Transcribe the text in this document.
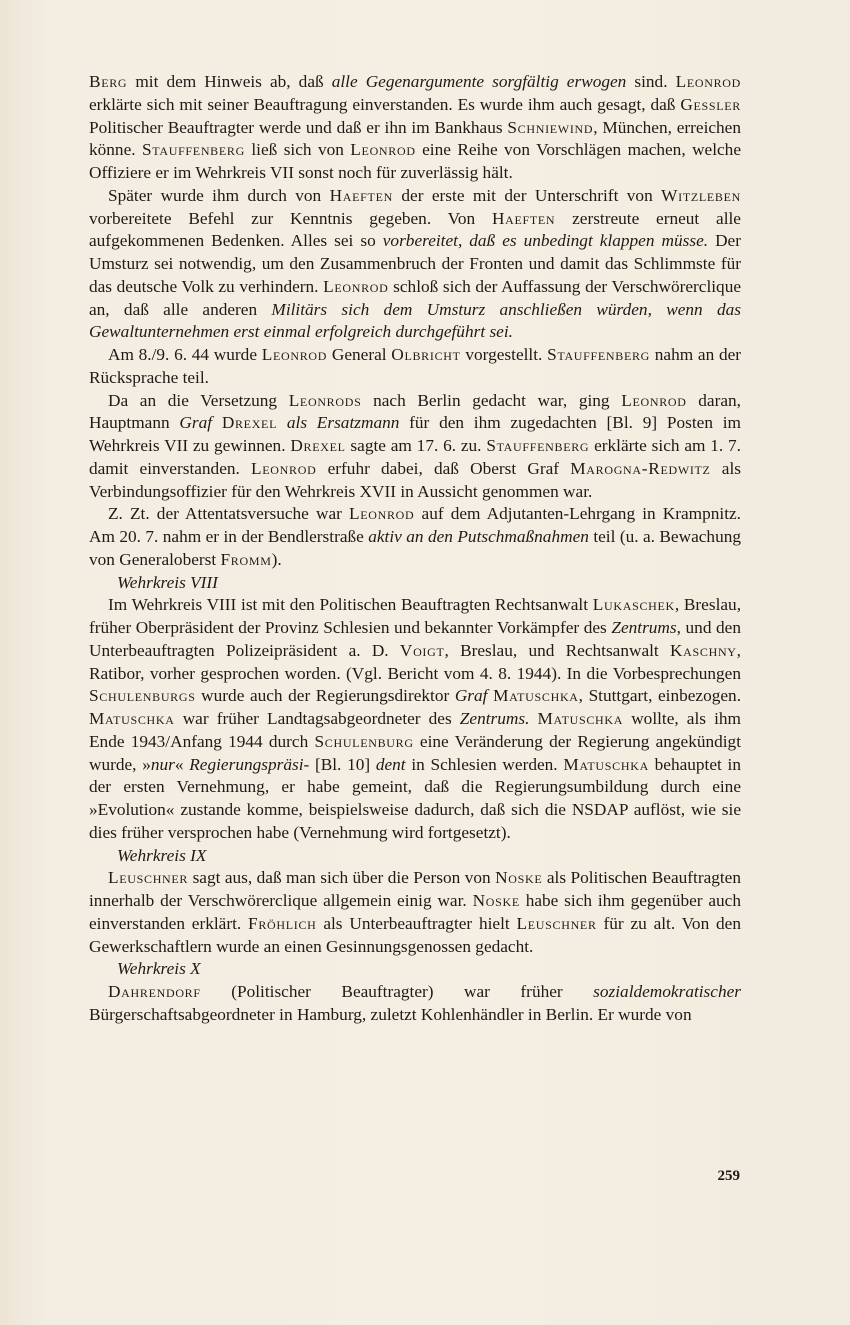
Berg mit dem Hinweis ab, daß alle Gegenargumente sorgfältig erwogen sind. Leonrod erklärte sich mit seiner Beauftragung einverstanden. Es wurde ihm auch gesagt, daß Gessler Politischer Beauftragter werde und daß er ihn im Bankhaus Schniewind, München, erreichen könne. Stauffenberg ließ sich von Leonrod eine Reihe von Vorschlägen machen, welche Offiziere er im Wehrkreis VII sonst noch für zuverlässig hält.

Später wurde ihm durch von Haeften der erste mit der Unterschrift von Witzleben vorbereitete Befehl zur Kenntnis gegeben. Von Haeften zerstreute erneut alle aufgekommenen Bedenken. Alles sei so vorbereitet, daß es unbedingt klappen müsse. Der Umsturz sei notwendig, um den Zusammenbruch der Fronten und damit das Schlimmste für das deutsche Volk zu verhindern. Leonrod schloß sich der Auffassung der Verschwörerclique an, daß alle anderen Militärs sich dem Umsturz anschließen würden, wenn das Gewaltunternehmen erst einmal erfolgreich durchgeführt sei.

Am 8./9. 6. 44 wurde Leonrod General Olbricht vorgestellt. Stauffenberg nahm an der Rücksprache teil.

Da an die Versetzung Leonrods nach Berlin gedacht war, ging Leonrod daran, Hauptmann Graf Drexel als Ersatzmann für den ihm zugedachten [Bl. 9] Posten im Wehrkreis VII zu gewinnen. Drexel sagte am 17. 6. zu. Stauffenberg erklärte sich am 1. 7. damit einverstanden. Leonrod erfuhr dabei, daß Oberst Graf Marogna-Redwitz als Verbindungsoffizier für den Wehrkreis XVII in Aussicht genommen war.

Z. Zt. der Attentatsversuche war Leonrod auf dem Adjutanten-Lehrgang in Krampnitz. Am 20. 7. nahm er in der Bendlerstraße aktiv an den Putschmaßnahmen teil (u. a. Bewachung von Generaloberst Fromm).

Wehrkreis VIII

Im Wehrkreis VIII ist mit den Politischen Beauftragten Rechtsanwalt Lukaschek, Breslau, früher Oberpräsident der Provinz Schlesien und bekannter Vorkämpfer des Zentrums, und den Unterbeauftragten Polizeipräsident a. D. Voigt, Breslau, und Rechtsanwalt Kaschny, Ratibor, vorher gesprochen worden. (Vgl. Bericht vom 4. 8. 1944). In die Vorbesprechungen Schulenburgs wurde auch der Regierungsdirektor Graf Matuschka, Stuttgart, einbezogen. Matuschka war früher Landtagsabgeordneter des Zentrums. Matuschka wollte, als ihm Ende 1943/Anfang 1944 durch Schulenburg eine Veränderung der Regierung angekündigt wurde, »nur« Regierungspräsi- [Bl. 10] dent in Schlesien werden. Matuschka behauptet in der ersten Vernehmung, er habe gemeint, daß die Regierungsumbildung durch eine »Evolution« zustande komme, beispielsweise dadurch, daß sich die NSDAP auflöst, wie sie dies früher versprochen habe (Vernehmung wird fortgesetzt).

Wehrkreis IX

Leuschner sagt aus, daß man sich über die Person von Noske als Politischen Beauftragten innerhalb der Verschwörerclique allgemein einig war. Noske habe sich ihm gegenüber auch einverstanden erklärt. Fröhlich als Unterbeauftragter hielt Leuschner für zu alt. Von den Gewerkschaftlern wurde an einen Gesinnungsgenossen gedacht.

Wehrkreis X

Dahrendorf (Politischer Beauftragter) war früher sozialdemokratischer Bürgerschaftsabgeordneter in Hamburg, zuletzt Kohlenhändler in Berlin. Er wurde von

259
